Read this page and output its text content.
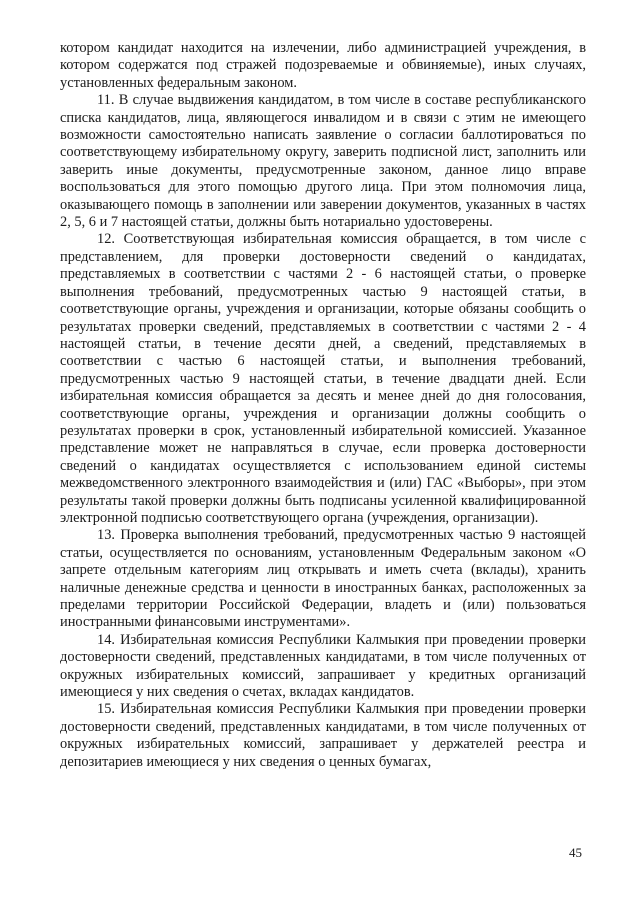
котором кандидат находится на излечении, либо администрацией учреждения, в котором содержатся под стражей подозреваемые и обвиняемые), иных случаях, установленных федеральным законом.

11. В случае выдвижения кандидатом, в том числе в составе республиканского списка кандидатов, лица, являющегося инвалидом и в связи с этим не имеющего возможности самостоятельно написать заявление о согласии баллотироваться по соответствующему избирательному округу, заверить подписной лист, заполнить или заверить иные документы, предусмотренные законом, данное лицо вправе воспользоваться для этого помощью другого лица. При этом полномочия лица, оказывающего помощь в заполнении или заверении документов, указанных в частях 2, 5, 6 и 7 настоящей статьи, должны быть нотариально удостоверены.

12. Соответствующая избирательная комиссия обращается, в том числе с представлением, для проверки достоверности сведений о кандидатах, представляемых в соответствии с частями 2 - 6 настоящей статьи, о проверке выполнения требований, предусмотренных частью 9 настоящей статьи, в соответствующие органы, учреждения и организации, которые обязаны сообщить о результатах проверки сведений, представляемых в соответствии с частями 2 - 4 настоящей статьи, в течение десяти дней, а сведений, представляемых в соответствии с частью 6 настоящей статьи, и выполнения требований, предусмотренных частью 9 настоящей статьи, в течение двадцати дней. Если избирательная комиссия обращается за десять и менее дней до дня голосования, соответствующие органы, учреждения и организации должны сообщить о результатах проверки в срок, установленный избирательной комиссией. Указанное представление может не направляться в случае, если проверка достоверности сведений о кандидатах осуществляется с использованием единой системы межведомственного электронного взаимодействия и (или) ГАС «Выборы», при этом результаты такой проверки должны быть подписаны усиленной квалифицированной электронной подписью соответствующего органа (учреждения, организации).

13. Проверка выполнения требований, предусмотренных частью 9 настоящей статьи, осуществляется по основаниям, установленным Федеральным законом «О запрете отдельным категориям лиц открывать и иметь счета (вклады), хранить наличные денежные средства и ценности в иностранных банках, расположенных за пределами территории Российской Федерации, владеть и (или) пользоваться иностранными финансовыми инструментами».

14. Избирательная комиссия Республики Калмыкия при проведении проверки достоверности сведений, представленных кандидатами, в том числе полученных от окружных избирательных комиссий, запрашивает у кредитных организаций имеющиеся у них сведения о счетах, вкладах кандидатов.

15. Избирательная комиссия Республики Калмыкия при проведении проверки достоверности сведений, представленных кандидатами, в том числе полученных от окружных избирательных комиссий, запрашивает у держателей реестра и депозитариев имеющиеся у них сведения о ценных бумагах,

45
